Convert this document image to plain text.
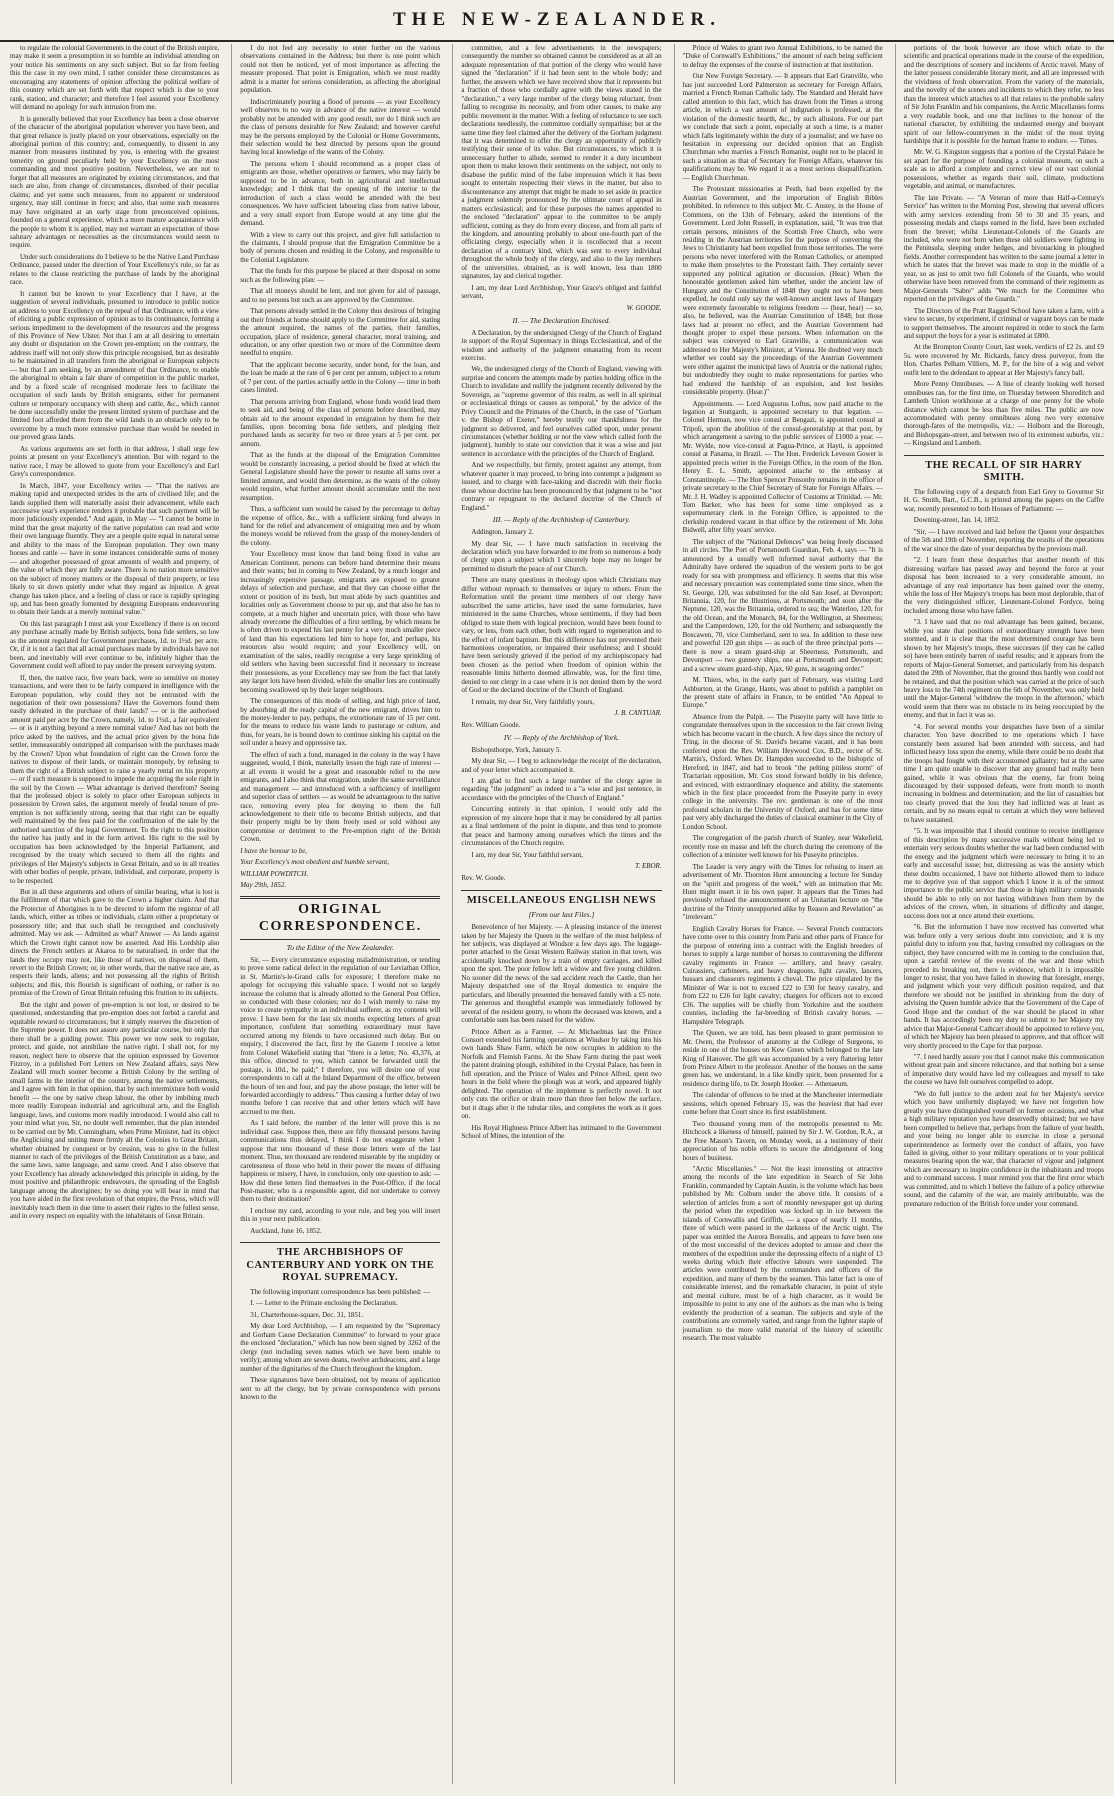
THE NEW-ZEALANDER.

to regulate the colonial Governments in the court of the British empire, may make it seem a presumption in so humble an individual attending on your notice his sentiments on any such subject. But so far from feeling this the case in my own mind, I rather consider these circumstances as encouraging any statements of opinion affecting the political welfare of this country which are set forth with that respect which is due to your rank, station, and character; and therefore I feel assured your Excellency will demand no apology for such intrusion from me.

It is generally believed that your Excellency has been a close observer of the character of the aboriginal population wherever you have been, and that great reliance is justly placed on your observations, especially on the aboriginal portion of this country; and, consequently, to dissent in any manner from measures instituted by you, is entering with the greatest temerity on ground peculiarly held by your Excellency on the most commanding and most positive position. Nevertheless, we are not to forget that all measures are originated by existing circumstances, and that such are also, from change of circumstances, disrobed of their peculiar claims; and yet some such measures, from no apparent or understood urgency, may still continue in force; and also, that some such measures may have originated at an early stage from preconceived opinions, founded on a general experience, which a more mature acquaintance with the people to whom it is applied, may not warrant an expectation of those salutary advantages or necessities as the circumstances would seem to require.

Under such considerations do I believe to be the Native Land Purchase Ordinance, passed under the direction of Your Excellency's rule, so far as relates to the clause restricting the purchase of lands by the aboriginal race.

It cannot but be known to your Excellency that I have, at the suggestion of several individuals, presumed to introduce to public notice an address to your Excellency on the repeal of that Ordinance, with a view of eliciting a public expression of opinion as to its continuance, forming a serious impediment to the development of the resources and the progress of this Province of New Ulster. Not that I am at all desiring to entertain any doubt or disputation on the Crown pre-emption; on the contrary, the address itself will not only show this principle recognised, but as desirable to be maintained in all transfers from the aboriginal or European subjects — but that I am seeking, by an amendment of that Ordinance, to enable the aboriginal to obtain a fair share of competition in the public market, and by a fixed scale of recognised moderate fees to facilitate the occupation of such lands by British emigrants, either for permanent culture or temporary occupancy with sheep and cattle, &c., which cannot be done successfully under the present limited system of purchase and the limited foot afforded them from the wild lands in an obstacle only to be overcome by a much more extensive purchase than would be needed in our proved grass lands.

As various arguments are set forth in that address, I shall urge few points at present on your Excellency's attention. But with regard to the native race, I may be allowed to quote from your Excellency's and Earl Grey's correspondence.

In March, 1847, your Excellency writes — "That the natives are making rapid and unexpected strides in the arts of civilised life; and the lands supplied them will materially assist their advancement, while each successive year's experience renders it probable that such payment will be more judiciously expended." And again, in May — "I cannot be borne in mind that the great majority of the native population can read and write their own language fluently. They are a people quite equal in natural sense and ability to the mass of the European population. They own many horses and cattle — have in some instances considerable sums of money — and altogether possessed of great amounts of wealth and property, of the value of which they are fully aware. There is no nation more sensitive on the subject of money matters or the disposal of their property, or less likely to sit down quietly under what they regard as injustice. A great change has taken place, and a feeling of class or race is rapidly springing up, and has been greatly fomented by designing Europeans endeavouring to obtain their lands at a merely nominal value."

On this last paragraph I must ask your Excellency if there is on record any purchase actually made by British subjects, bona fide settlers, so low as the amount regulated for Government purchases, 1d. to 1½d. per acre. Or, if it is not a fact that all actual purchases made by individuals have not been, and inevitably will ever continue to be, infinitely higher than the Government could well afford to pay under the present surveying system.

If, then, the native race, five years back, were so sensitive on money transactions, and were then to be fairly compared in intelligence with the European population, why could they not be entrusted with the negotiation of their own possessions? Have the Governors found them easily defeated in the purchase of their lands? — or is the authorised amount paid per acre by the Crown, namely, 1d. to 1½d., a fair equivalent — or is it anything beyond a mere nominal value? And has not both the price asked by the natives, and the actual price given by the bona fide settler, immeasurably outstripped all comparison with the purchases made by the Crown? Upon what foundation of right can the Crown force the natives to dispose of their lands, or maintain monopoly, by refusing to them the right of a British subject to raise a yearly rental on his property — or if such measure is supposed to impede the acquiring the sole right in the soil by the Crown — What advantage is derived therefrom? Seeing that the professed object is solely to place other European subjects in possession by Crown sales, the argument merely of feudal tenure of pre-emption is not sufficiently strong, seeing that that right can be equally well maintained by the fees paid for the confirmation of the sale by the authorised sanction of the legal Government. To the right to this position the native has justly and in the form arrived. His right to the soil by occupation has been acknowledged by the Imperial Parliament, and recognised by the treaty which secured to them all the rights and privileges of Her Majesty's subjects in Great Britain, and so in all treaties with other bodies of people, private, individual, and corporate, property is to be respected.

But in all these arguments and others of similar bearing, what is lost is the fulfilment of that which gave to the Crown a higher claim. And that the Protector of Aborigines is to be directed to inform the registrar of all lands, which, either as tribes or individuals, claim either a proprietary or possessory title; and that such shall be recognised and conclusively admitted. May we ask — Admitted as what? Answer — As lands against which the Crown right cannot now be asserted. And His Lordship also directs the French settlers at Akaroa to be naturalised, in order that the lands they occupy may not, like those of natives, on disposal of them, revert to the British Crown; or, in other words, that the native race are, as respects their lands, aliens; and not possessing all the rights of British subjects; and this, this flourish is significant of nothing, or rather is no promise of the Crown of Great Britain refusing this fruition to its subjects.

But the right and power of pre-emption is not lost, or desired to be questioned, understanding that pre-emption does not forbid a careful and equitable reward to circumstances; but it simply reserves the discretion of the Supreme power. It does not assure any particular course, but only that there shall be a guiding power. This power we now seek to regulate, protect, and guide, not annihilate the native right. I shall not, for my reason, neglect here to observe that the opinion expressed by Governor Fitzroy, in a published Fort Letters on New Zealand affairs, says New Zealand will much sooner become a British Colony by the settling of small farms in the interior of the country, among the native settlements, and I agree with him in that opinion, that by such intermixture both would benefit — the one by native cheap labour, the other by imbibing much more readily European industrial and agricultural arts, and the English language, laws, and customs more readily introduced. I would also call to your mind what you, Sir, no doubt well remember, that the plan intended to be carried out by Mr. Cunningham, when Prime Minister, had its object the Anglicising and uniting more firmly all the Colonies to Great Britain, whether obtained by conquest or by cession, was to give in the fullest manner to each of the privileges of the British Constitution as a base, and the same laws, same language, and same creed. And I also observe that your Excellency has already acknowledged this principle in aiding, by the most positive and philanthropic endeavours, the spreading of the English language among the aborigines; by so doing you will bear in mind that you have aided in the first revolution of that empire, the Press, which will inevitably teach them in due time to assert their rights to the fullest sense, and in every respect on equality with the inhabitants of Great Britain.

I do not feel any necessity to enter further on the various observations contained in the Address; but there is one point which could not then be noticed, yet of most importance as affecting the measure proposed. That point is Emigration, which we must readily admit is a matter for serious consideration, as affecting the aboriginal population.

Indiscriminately pouring a flood of persons — as your Excellency well observes to no way in advance of the native interest — would probably not be attended with any good result, nor do I think such are the class of persons desirable for New Zealand; and however careful may be the persons employed by the Colonial or Home Governments, their selection would be best directed by persons upon the ground having local knowledge of the wants of the Colony.

The persons whom I should recommend as a proper class of emigrants are those, whether operatives or farmers, who may fairly be supposed to be in advance, both in agricultural and intellectual knowledge; and I think that the opening of the interior to the introduction of such a class would be attended with the best consequences. We have sufficient labouring class from native labour, and a very small export from Europe would at any time glut the demand.

With a view to carry out this project, and give full satisfaction to the claimants, I should propose that the Emigration Committee be a body of persons chosen and residing in the Colony, and responsible to the Colonial Legislature.

That the funds for this purpose be placed at their disposal on some such as the following plan: —

That all moneys should be lent, and not given for aid of passage, and to no persons but such as are approved by the Committee.

That persons already settled in the Colony thus desirous of bringing out their friends at home should apply to the Committee for aid, stating the amount required, the names of the parties, their families, occupation, place of residence, general character, moral training, and education, or any other question two or more of the Committee deem needful to enquire.

That the applicant become security, under bond, for the loan, and the loan be made at the rate of 6 per cent per annum, subject to a return of 7 per cent. of the parties actually settle in the Colony — time in both cases limited.

That persons arriving from England, whose funds would lead them to seek aid, and being of the class of persons before described, may obtain aid to the amount expended in emigration by them for their families, upon becoming bona fide settlers, and pledging their purchased lands as security for two or three years at 5 per cent. per annum.

That as the funds at the disposal of the Emigration Committee would be constantly increasing, a period should be fixed at which the General Legislature should have the power to resume all sums over a limited amount, and would then determine, as the wants of the colony would require, what further amount should accumulate until the next resumption.

Thus, a sufficient sum would be raised by the percentage to defray the expense of office, &c., with a sufficient sinking fund always in hand for the relief and advancement of emigrating men and by whom the moneys would be relieved from the grasp of the money-lenders of the colony.

Your Excellency must know that land being fixed in value are American Continent, persons can before hand determine their means and their wants; but in coming to New Zealand, by a much longer and increasingly expensive passage, emigrants are exposed to greater delays of selection and purchase, and that they can choose either the extent or position of its bush, but must abide by such quantities and localities only as Government choose to put up, and that also he has to compete, at a much higher and uncertain price, with those who have already overcome the difficulties of a first settling, by which means he is often driven to expend his last penny for a very much smaller piece of land than his expectations led him to hope for, and perhaps, his resources also would require; and your Excellency will, on examination of the sales, readily recognise a very large sprinkling of old settlers who having been successful find it necessary to increase their possessions, as your Excellency may see from the fact that lately any larger lots have been divided, while the smaller lots are continually becoming swallowed up by their larger neighbours.

The consequences of this mode of selling, and high price of land, by absorbing all the ready capital of the new emigrant, drives him to the money-lender to pay, perhaps, the extortionate rate of 15 per cent. for the means to reduce his waste lands to pasturage or culture, and thus, for years, he is bound down to continue sinking his capital on the soil under a heavy and oppressive tax.

The effect of such a fund, managed in the colony in the way I have suggested, would, I think, materially lessen the high rate of interest — at all events it would be a great and reasonable relief to the new emigrants, and I also think that emigration, under the same surveillance and management — and introduced with a sufficiency of intelligent and superior class of settlers — as would be advantageous to the native race, removing every plea for denying to them the full acknowledgement to their title to become British subjects, and that their property might be by them freely used or sold without any compromise or detriment to the Pre-emption right of the British Crown.

I have the honour to be,

Your Excellency's most obedient and humble servant,

WILLIAM POWDITCH.

May 29th, 1852.
ORIGINAL CORRESPONDENCE.
To the Editor of the New Zealander.

Sir, — Every circumstance exposing maladministration, or tending to prove some radical defect in the regulation of our Leviathan Office, in St. Martin's-le-Grand calls for exposure; I therefore make no apology for occupying this valuable space. I would not so largely increase the column that is already allotted to the General Post Office, so conducted with these colonies; nor do I wish merely to raise my voice to create sympathy in an individual sufferer, as my contents will prove. I have been for the last six months expecting letters of great importance, confident that something extraordinary must have occurred among my friends to have occasioned such delay. But on enquiry, I discovered the fact, first by the Gazette I receive a letter from Colonel Wakefield stating that "there is a letter, No. 43,376, at this office, directed to you, which cannot be forwarded until the postage, is 10d., be paid;" I therefore, you will desire one of your correspondents to call at the Inland Department of the office, between the hours of ten and four, and pay the above postage, the letter will be forwarded accordingly to address." Thus causing a further delay of two months before I can receive that and other letters which will have accrued to me then.

As I said before, the number of the letter will prove this is no individual case. Suppose then, there are fifty thousand persons having communications thus delayed, I think I do not exaggerate when I suppose that tens thousand of these those letters were of the last moment. Thus, ten thousand are rendered miserable by the stupidity or carelessness of those who held in their power the means of diffusing happiness or misery, I have, in conclusion, only one question to ask: — How did these letters find themselves in the Post-Office, if the local Post-master, who is a responsible agent, did not undertake to convey them to their destination?

I enclose my card, according to your rule, and beg you will insert this in your next publication.

Auckland, June 16, 1852.

THE ARCHBISHOPS OF CANTERBURY AND YORK ON THE ROYAL SUPREMACY.

The following important correspondence has been published: —

I. — Letter to the Primate enclosing the Declaration.

31, Charterhouse-square, Dec. 31, 1851.

My dear Lord Archbishop, — I am requested by the "Supremacy and Gorham Cause Declaration Committee" to forward to your grace the enclosed "declaration," which has now been signed by 3262 of the clergy (not including seven names which we have been unable to verify); among whom are seven deans, twelve archdeacons, and a large number of the dignitaries of the Church throughout the kingdom.

These signatures have been obtained, not by means of application sent to all the clergy, but by private correspondence with persons known to the

committee, and a few advertisements in the newspapers; consequently the number so obtained cannot be considered as at all an adequate representation of that portion of the clergy who would have signed the "declaration" if it had been sent to the whole body; and further, the answers which we have received show that it represents but a fraction of those who cordially agree with the views stated in the "declaration," a very large number of the clergy being reluctant, from failing to recognise its necessity, and from other causes, to make any public movement in the matter. With a feeling of reluctance to see such declarations needlessly, the committee cordially sympathise; but at the same time they feel claimed after the delivery of the Gorham judgment that it was determined to offer the clergy an opportunity of publicly testifying their sense of its value. But circumstances, to which it is unnecessary further to allude, seemed to render it a duty incumbent upon them to make known their sentiments on the subject, not only to disabuse the public mind of the false impression which it has been sought to entertain respecting their views in the matter, but also to discountenance any attempt that might be made to set aside in practice a judgment solemnly pronounced by the ultimate court of appeal in matters ecclesiastical; and for these purposes the names appended to the enclosed "declaration" appear to the committee to be amply sufficient, coming as they do from every diocese, and from all parts of the kingdom, and amounting probably to about one-fourth part of the officiating clergy, especially when it is recollected that a recent declaration of a contrary kind, which was sent to every individual throughout the whole body of the clergy, and also to the lay members of the universities, obtained, as is well known, less than 1800 signatures, lay and clerical together.

I am, my dear Lord Archbishop, Your Grace's obliged and faithful servant,

W. GOODE.
II. — The Declaration Enclosed.

A Declaration, by the undersigned Clergy of the Church of England in support of the Royal Supremacy in things Ecclesiastical, and of the wisdom and authority of the judgment emanating from its recent exercise.

We, the undersigned clergy of the Church of England, viewing with surprise and concern the attempts made by parties holding office in the Church to invalidate and nullify the judgment recently delivered by the Sovereign, as "supreme governor of this realm, as well in all spiritual or ecclesiastical things or causes as temporal," by the advice of the Privy Council and the Primates of the Church, in the case of "Gorham v. the Bishop of Exeter," hereby testify our thankfulness for the judgment so delivered, and feel ourselves called upon, under present circumstances (whether holding or not the view which called forth the judgment), humbly to state our conviction that it was a wise and just sentence in accordance with the principles of the Church of England.

And we respectfully, but firmly, protest against any attempt, from whatever quarter it may proceed, to bring into contempt a judgment so issued, and to charge with face-taking and discredit with their flocks those whose doctrine has been pronounced by that judgment to be "not contrary or repugnant to the declared doctrine of the Church of England."

III. — Reply of the Archbishop of Canterbury.

Addington, January 2.

My dear Sir, — I have much satisfaction in receiving the declaration which you have forwarded to me from so numerous a body of clergy upon a subject which I sincerely hope may no longer be permitted to disturb the peace of our Church.

There are many questions in theology upon which Christians may differ without reproach to themselves or injury to others. From the Reformation until the present time members of our clergy have subscribed the same articles, have used the same formularies, have ministered in the same Churches, whose sentiments, if they had been obliged to state them with logical precision, would have been found to vary, or less, from each other, both with regard to regeneration and to the effect of infant baptism. But this difference has not prevented their harmonious cooperation, or impaired their usefulness; and I should have been seriously grieved if the period of my archiepiscopacy had been chosen as the period when freedom of opinion within the reasonable limits hitherto deemed allowable, was, for the first time, denied to our clergy in a case where it is not denied them by the word of God or the declared doctrine of the Church of England.

I remain, my dear Sir, Very faithfully yours,

J. B. CANTUAR.

Rev. William Goode.

IV. — Reply of the Archbishop of York.

Bishopsthorpe, York, January 5.

My dear Sir, — I beg to acknowledge the receipt of the declaration, and of your letter which accompanied it.

I am glad to find such a large number of the clergy agree in regarding "the judgment" as indeed to a "a wise and just sentence, in accordance with the principles of the Church of England."

Concurring entirely in that opinion, I would only add the expression of my sincere hope that it may be considered by all parties as a final settlement of the point in dispute, and thus tend to promote that peace and harmony among ourselves which the times and the circumstances of the Church require.

I am, my dear Sir, Your faithful servant,

T. EBOR.

Rev. W. Goode.

MISCELLANEOUS ENGLISH NEWS
[From our last Files.]

Benevolence of her Majesty. — A pleasing instance of the interest taken by her Majesty the Queen in the welfare of the most helpless of her subjects, was displayed at Windsor a few days ago. The luggage-porter attached to the Great Western Railway station in that town, was accidentally knocked down by a train of empty carriages, and killed upon the spot. The poor fellow left a widow and five young children. No sooner did the news of the sad accident reach the Castle, than her Majesty despatched one of the Royal domestics to enquire the particulars, and liberally presented the bereaved family with a £5 note. The generous and thoughtful example was immediately followed by several of the resident gentry, to whom the deceased was known, and a comfortable sum has been raised for the widow.

Prince Albert as a Farmer. — At Michaelmas last the Prince Consort extended his farming operations at Windsor by taking into his own hands Shaw Farm, which he now occupies in addition to the Norfolk and Flemish Farms. At the Shaw Farm during the past week the patent draining plough, exhibited in the Crystal Palace, has been in full operation, and the Prince of Wales and Prince Alfred, spent two hours in the field where the plough was at work, and appeared highly delighted. The operation of the implement is perfectly novel. It not only cuts the orifice or drain more than three feet below the surface, but it drags after it the tubular tiles, and completes the work as it goes on.

His Royal Highness Prince Albert has intimated to the Government School of Mines, the intention of the

Prince of Wales to grant two Annual Exhibitions, to be named the "Duke of Cornwall's Exhibitions," the amount of each being sufficient to defray the expenses of the course of instruction at that institution.

Our New Foreign Secretary. — It appears that Earl Granville, who has just succeeded Lord Palmerston as secretary for Foreign Affairs, married a French Roman Catholic lady. The Standard and Herald have called attention to this fact, which has drawn from the Times a strong article, in which a vast amount of indignation is professed, at the violation of the domestic hearth, &c., by such allusions. For our part we conclude that such a point, especially at such a time, is a matter which falls legitimately within the duty of a journalist; and we have no hesitation in expressing our decided opinion that an English Churchman who marries a French Romanist, ought not to be placed in such a situation as that of Secretary for Foreign Affairs, whatever his qualifications may be. We regard it as a most serious disqualification. — English Churchman.

The Protestant missionaries at Pesth, had been expelled by the Austrian Government, and the importation of English Bibles prohibited. In reference to this subject Mr. C. Anstey, in the House of Commons, on the 13th of February, asked the intentions of the Government. Lord John Russell, in explanation, said, "It was true that certain persons, ministers of the Scottish Free Church, who were residing in the Austrian territories for the purpose of converting the Jews to Christianity had been expelled from those territories. The were persons who never interfered with the Roman Catholics, or attempted to make them proselytes to the Protestant faith. They certainly never supported any political agitation or discussion. (Hear.) When the honourable gentlemen asked him whether, under the ancient law of Hungary and the Constitution of 1848 they ought not to have been expelled, he could only say the well-known ancient laws of Hungary were extremely favourable to religious freedom — (hear, hear) — so, also, he believed, was the Austrian Constitution of 1848; but those laws had at present no effect, and the Austrian Government had thought proper to expel these persons. When information on the subject was conveyed to Earl Granville, a communication was addressed to Her Majesty's Minister, at Vienna. He doubted very much whether we could say the proceedings of the Austrian Government were either against the municipal laws of Austria or the national rights; but undoubtedly they ought to make representations for parties who had endured the hardship of an expulsion, and lost besides considerable property. (Hear.)"

Appointments. — Lord Augustus Loftus, now paid attache to the legation at Stuttgardt, is appointed secretary to that legation. — Colonel Herman, now vice consul at Bengazi, is appointed consul at Tripoli, upon the abolition of the consul-generalship at that post, by which arrangement a saving to the public services of £1000 a year. — Mr. Wylde, now vice-consul at Pagua-Prince, at Hayti, is appointed consul at Panama, in Brazil. — The Hon. Frederick Leveson Gower is appointed precis writer in the Foreign Office, in the room of the Hon. Henry E. L. Smith, appointed attache to the embassy at Constantinople. — The Hon Spencer Ponsonby remains in the office of private secretary to the Chief Secretary of State for Foreign Affairs. — Mr. J. H. Wadley is appointed Collector of Customs at Trinidad. — Mr. Tom Barker, who has been for some time employed as a supernumerary clerk in the Foreign Office, is appointed to the clerkship rendered vacant in that office by the retirement of Mr. John Bidwell, after fifty years' service.

The subject of the "National Defences" was being freely discussed in all circles. The Port of Portsmouth Guardian, Feb. 4, says — "It is announced by a usually well informed naval authority that the Admiralty have ordered the squadron of the western ports to be got ready for sea with promptness and efficiency. It seems that this wise and necessary precaution was contemplated some time since, when the St. George, 120, was substituted for the old San Josef, at Devonport; Britannia, 120, for the Illustrious, at Portsmouth; and soon after the Neptune, 120, was the Britannia, ordered to sea; the Waterloo, 120, for the old Ocean, and the Monarch, 84, for the Wellington, at Sheerness; and the Camperdown, 120, for the old Northern; and subsequently the Boscawen, 70, vice Cumberland, sent to sea. In addition to these new and powerful 120 gun ships — as each of the three principal ports — there is now a steam guard-ship at Sheerness, Portsmouth, and Devonport — two gunnery ships, one at Portsmouth and Devonport; and a screw steam guard-ship, Ajax, 60 guns, in seagoing order."

M. Thiers, who, in the early part of February, was visiting Lord Ashburton, at the Grange, Hants, was about to publish a pamphlet on the present state of affairs in France, to be entitled "An Appeal to Europe."

Absence from the Pulpit. — The Puseyite party will have little to congratulate themselves upon in the succession to the fair crown living which has become vacant in the church. A few days since the rectory of Tring, in the diocese of St. David's became vacant, and it has been conferred upon the Rev. William Heywood Cox, B.D., rector of St. Martin's, Oxford. When Dr. Hampden succeeded to the bishopric of Hereford, in 1847, and had to brook "the pelting pitiless storm" of Tractarian opposition, Mr. Cox stood forward boldly in his defence, and evinced, with extraordinary eloquence and ability, the statements which in the first place proceeded from the Puseyite party in every college in the university. The rev. gentleman is one of the most profound scholars in the University of Oxford, and has for some time past very ably discharged the duties of classical examiner in the City of London School.

The congregation of the parish church of Stanley, near Wakefield, recently rose en masse and left the church during the ceremony of the collection of a minister well known for his Puseyite principles.

The Leader is very angry with the Times for refusing to insert an advertisement of Mr. Thornton Hunt announcing a lecture for Sunday on the "spirit and progress of the week," with an intimation that Mr. Hunt might insert it in his own paper. It appears that the Times had previously refused the announcement of an Unitarian lecture on "the doctrine of the Trinity unsupported alike by Reason and Revelation" as "irrelevant."

English Cavalry Horses for France. — Several French contractors have come over to this country from Paris and other parts of France for the purpose of entering into a contract with the English breeders of horses to supply a large number of horses to contravening the different cavalry regiments in France — artillery, and heavy cavalry. Cuirassiers, carbineers, and heavy dragoons, light cavalry, lancers, hussars and chasseurs regiments à cheval. The price stipulated by the Minister of War is not to exceed £22 to £30 for heavy cavalry, and from £22 to £26 for light cavalry; chargers for officers not to exceed £36. The supplies will be chiefly from Yorkshire and the southern counties, including the far-breeding of British cavalry horses. — Hampshire Telegraph.

The Queen, we are told, has been pleased to grant permission to Mr. Owen, the Professor of anatomy at the College of Surgeons, to reside in one of the houses on Kew Green which belonged to the late King of Hanover. The gift was accompanied by a very flattering letter from Prince Albert to the professor. Another of the houses on the same green has, we understand, in a like kindly spirit, been presented for a residence during life, to Dr. Joseph Hooker. — Athenaeum.

The calendar of offences to be tried at the Manchester intermediate sessions, which opened February 15, was the heaviest that had ever come before that Court since its first establishment.

Two thousand young men of the metropolis presented to Mr. Hitchcock a likeness of himself, painted by Sir J. W. Gordon, R.A., at the Free Mason's Tavern, on Monday week, as a testimony of their appreciation of his noble efforts to secure the abridgement of long hours of business.

"Arctic Miscellanies." — Not the least interesting or attractive among the records of the late expedition in Search of Sir John Franklin, commanded by Captain Austin, is the volume which has been published by Mr. Colburn under the above title. It consists of a selection of articles from a sort of monthly newspaper got up during the period when the expedition was locked up in ice between the islands of Cornwallis and Griffith, — a space of nearly 11 months, three of which were passed in the darkness of the Arctic night. The paper was entitled the Aurora Borealis, and appears to have been one of the most successful of the devices adopted to amuse and cheer the members of the expedition under the depressing effects of a night of 13 weeks during which their effective labours were suspended. The articles were contributed by the commanders and officers of the expedition, and many of them by the seamen. This latter fact is one of considerable interest, and the remarkable character, in point of style and mental culture, must be of a high character, as it would be impossible to point to any one of the authors as the man who is being evidently the production of a seaman. The subjects and style of the contributions are extremely varied, and range from the lighter staple of journalism to the more valid material of the history of scientific research. The most valuable

portions of the book however are those which relate to the scientific and practical operations made in the course of the expedition, and the descriptions of scenery and incidents of Arctic travel. Many of the latter possess considerable literary merit, and all are impressed with the vividness of fresh observation. From the variety of the materials, and the novelty of the scenes and incidents to which they refer, no less than the interest which attaches to all that relates to the probable safety of Sir John Franklin and his companions, the Arctic Miscellanies forms a very readable book, and one that inclines to the honour of the national character, by exhibiting the undaunted energy and buoyant spirit of our fellow-countrymen in the midst of the most trying hardships that it is possible for the human frame to endure. — Times.

Mr. W. G. Kingston suggests that a portion of the Crystal Palace be set apart for the purpose of founding a colonial museum, on such a scale as to afford a complete and correct view of our vast colonial possessions, whether as regards their soil, climate, productions vegetable, and animal, or manufactures.

The late Private. — "A Veteran of more than Half-a-Century's Service" has written to the Morning Post, showing that several officers with army services extending from 50 to 30 and 35 years, and possessing medals and clasps earned in the field, have been excluded from the brevet; whilst Lieutenant-Colonels of the Guards are included, who were not born when these old soldiers were fighting in the Peninsula, sleeping under hedges, and bivouacking in ploughed fields. Another correspondent has written to the same journal a letter in which he states that the brevet was made to stop in the middle of a year, so as just to omit two full Colonels of the Guards, who would otherwise have been removed from the command of their regiments as Major-Generals "Sabre" adds "We much for the Committee who reported on the privileges of the Guards."

The Directors of the Pratt Ragged School have taken a farm, with a view to secure, by experiment, if criminal or vagrant boys can be made to support themselves. The amount required in order to stock the farm and support the boys for a year is estimated at £800.

At the Brompton County Court, last week, verdicts of £2 2s. and £9 5s. were recovered by Mr. Rickards, fancy dress purveyor, from the Hon. Charles Pelham Villiers, M. P., for the hire of a wig and velvet outfit lent to the defendant to appear at Her Majesty's fancy ball.

More Penny Omnibuses. — A line of cleanly looking well horsed omnibuses ran, for the first time, on Thursday between Shoreditch and Lambeth Union workhouse at a charge of one penny for the whole distance which cannot be less than five miles. The public are now accommodated with penny omnibuses along two very extensive thorough-fares of the metropolis, viz.: — Holborn and the Borough, and Bishopsgate-street, and between two of its extremest suburbs, viz.: — Kingsland and Lambeth.

THE RECALL OF SIR HARRY SMITH.

The following copy of a despatch from Earl Grey to Governor Sir H. G. Smith, Bart., G.C.B., is printed among the papers on the Caffre war, recently presented to both Houses of Parliament: —

Downing-street, Jan. 14, 1852.

"Sir, — I have received and laid before the Queen your despatches of the 5th and 19th of November, reporting the results of the operations of the war since the date of your despatches by the previous mail.

"2. I learn from these despatches that another month of this distressing warfare has passed away and beyond the force at your disposal has been increased to a very considerable amount, no advantage of any real importance has been gained over the enemy, while the loss of Her Majesty's troops has been most deplorable, that of the very distinguished officer, Lieutenant-Colonel Fordyce, being included among those who have fallen.

"3. I have said that no real advantage has been gained, because, while you state that positions of extraordinary strength have been stormed, and it is clear that the most determined courage has been shown by her Majesty's troops, these successes (if they can be called so) have been entirely barren of useful results; and it appears from the reports of Major-General Somerset, and particularly from his despatch dated the 29th of November, that the ground thus hardly won could not be retained, and that the position which was carried at the price of such heavy loss to the 74th regiment on the 6th of November, was only held until the Major-General 'withdrew the troops in the afternoon,' which would seem that there was no obstacle to its being reoccupied by the enemy, and that in fact it was so.

"4. For several months your despatches have been of a similar character. You have described to me operations which I have constantly been assured had been attended with success, and had inflicted heavy loss upon the enemy, while there could be no doubt that the troops had fought with their accustomed gallantry; but at the same time I am quite unable to discover that any ground had really been gained, while it was obvious that the enemy, far from being discouraged by their supposed defeats, were from month to month increasing in boldness and determination; and the list of casualties but too clearly proved that the loss they had inflicted was at least as certain, and by no means equal to certain at which they were believed to have sustained.

"5. It was impossible that I should continue to receive intelligence of this description by many successive mails without being led to entertain very serious doubts whether the war had been conducted with the energy and the judgment which were necessary to bring it to an early and successful issue; but, distressing as was the anxiety which these doubts occasioned, I have not hitherto allowed them to induce me to deprive you of that support which I know it is of the utmost importance to the public service that those in high military commands should be able to rely on not having withdrawn from them by the advices of the crown, when, in situations of difficulty and danger, success does not at once attend their exertions.

"6. But the information I have now received has converted what was before only a very serious doubt into conviction; and it is my painful duty to inform you that, having consulted my colleagues on the subject, they have concurred with me in coming to the conclusion that, upon a careful review of the events of the war and those which preceded its breaking out, there is evidence, which it is impossible longer to resist, that you have failed in showing that foresight, energy, and judgment which your very difficult position required, and that therefore we should not be justified in shrinking from the duty of advising the Queen humble advice that the Government of the Cape of Good Hope and the conduct of the war should be placed in other hands. It has accordingly been my duty to submit to her Majesty my advice that Major-General Cathcart should be appointed to relieve you, of which her Majesty has been pleased to approve, and that officer will very shortly proceed to the Cape for that purpose.

"7. I need hardly assure you that I cannot make this communication without great pain and sincere reluctance, and that nothing but a sense of imperative duty would have led my colleagues and myself to take the course we have felt ourselves compelled to adopt.

"We do full justice to the ardent zeal for her Majesty's service which you have uniformly displayed; we have not forgotten how greatly you have distinguished yourself on former occasions, and what a high military reputation you have deservedly obtained; but we have been compelled to believe that, perhaps from the failure of your health, and your being no longer able to exercise in close a personal superintendence as formerly over the conduct of affairs, you have failed in giving, either to your military operations or to your political measures bearing upon the war, that character of vigour and judgment which are necessary to inspire confidence in the inhabitants and troops and to command success. I must remind you that the first error which was committed, and to which I believe the failure of a policy otherwise sound, and the calamity of the war, are mainly attributable, was the premature reduction of the British force under your command.
